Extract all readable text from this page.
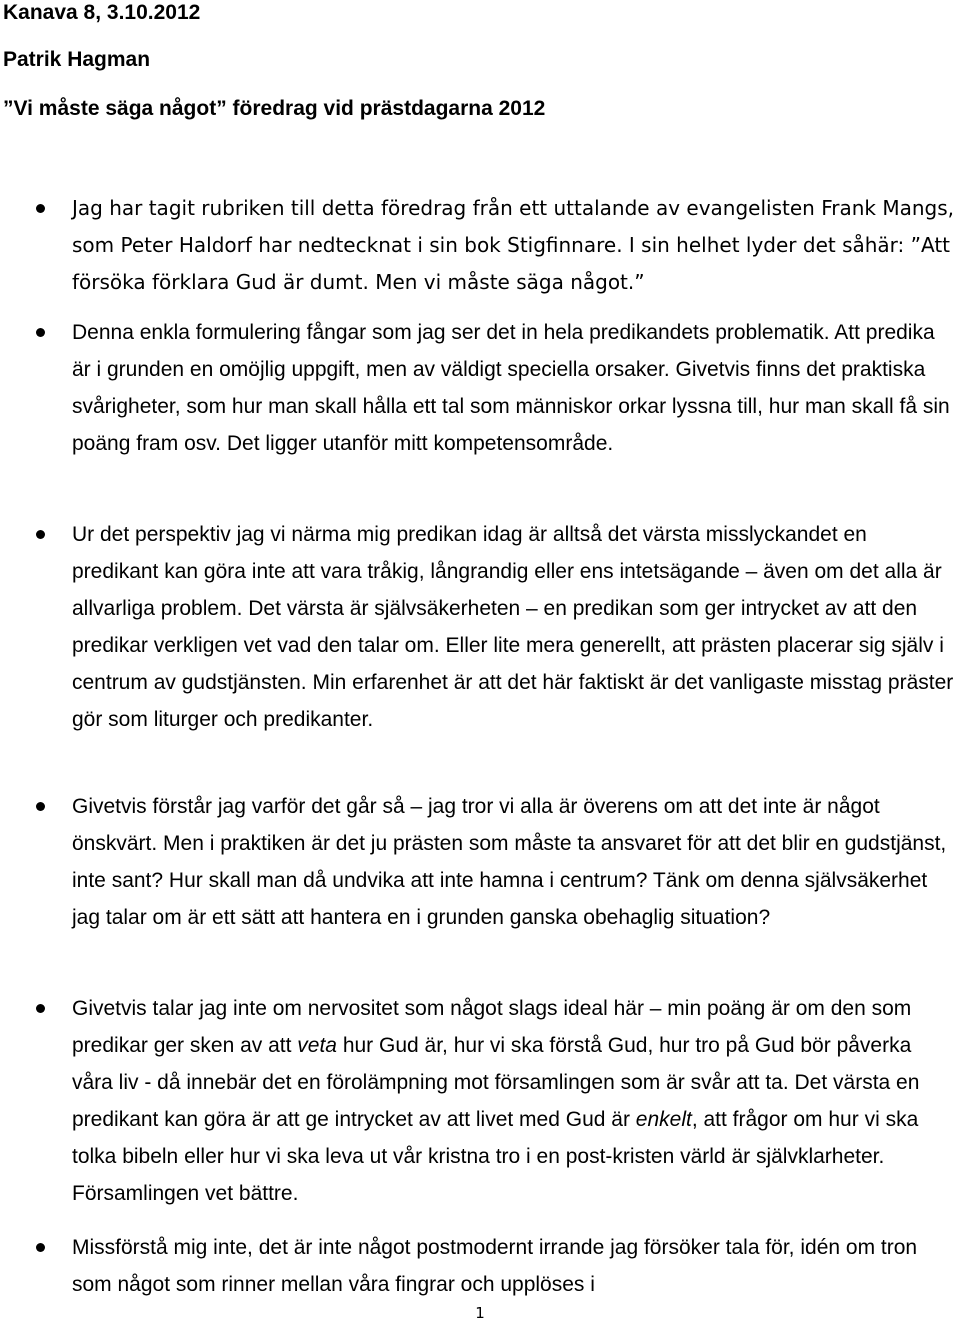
Kanava 8, 3.10.2012
Patrik Hagman
”Vi måste säga något” föredrag vid prästdagarna 2012

Jag har tagit rubriken till detta föredrag från ett uttalande av evangelisten Frank Mangs, som Peter Haldorf har nedtecknat i sin bok Stigfinnare. I sin helhet lyder det såhär: ”Att försöka förklara Gud är dumt. Men vi måste säga något.”

Denna enkla formulering fångar som jag ser det in hela predikandets problematik. Att predika är i grunden en omöjlig uppgift, men av väldigt speciella orsaker. Givetvis finns det praktiska svårigheter, som hur man skall hålla ett tal som människor orkar lyssna till, hur man skall få sin poäng fram osv. Det ligger utanför mitt kompetensområde.

Ur det perspektiv jag vi närma mig predikan idag är alltså det värsta misslyckandet en predikant kan göra inte att vara tråkig, långrandig eller ens intetsägande – även om det alla är allvarliga problem. Det värsta är självsäkerheten – en predikan som ger intrycket av att den predikar verkligen vet vad den talar om. Eller lite mera generellt, att prästen placerar sig själv i centrum av gudstjänsten. Min erfarenhet är att det här faktiskt är det vanligaste misstag präster gör som liturger och predikanter.

Givetvis förstår jag varför det går så – jag tror vi alla är överens om att det inte är något önskvärt. Men i praktiken är det ju prästen som måste ta ansvaret för att det blir en gudstjänst, inte sant? Hur skall man då undvika att inte hamna i centrum? Tänk om denna självsäkerhet jag talar om är ett sätt att hantera en i grunden ganska obehaglig situation?

Givetvis talar jag inte om nervositet som något slags ideal här – min poäng är om den som predikar ger sken av att veta hur Gud är, hur vi ska förstå Gud, hur tro på Gud bör påverka våra liv - då innebär det en förolämpning mot församlingen som är svår att ta. Det värsta en predikant kan göra är att ge intrycket av att livet med Gud är enkelt, att frågor om hur vi ska tolka bibeln eller hur vi ska leva ut vår kristna tro i en post-kristen värld är självklarheter. Församlingen vet bättre.

Missförstå mig inte, det är inte något postmodernt irrande jag försöker tala för, idén om tron som något som rinner mellan våra fingrar och upplöses i

1
